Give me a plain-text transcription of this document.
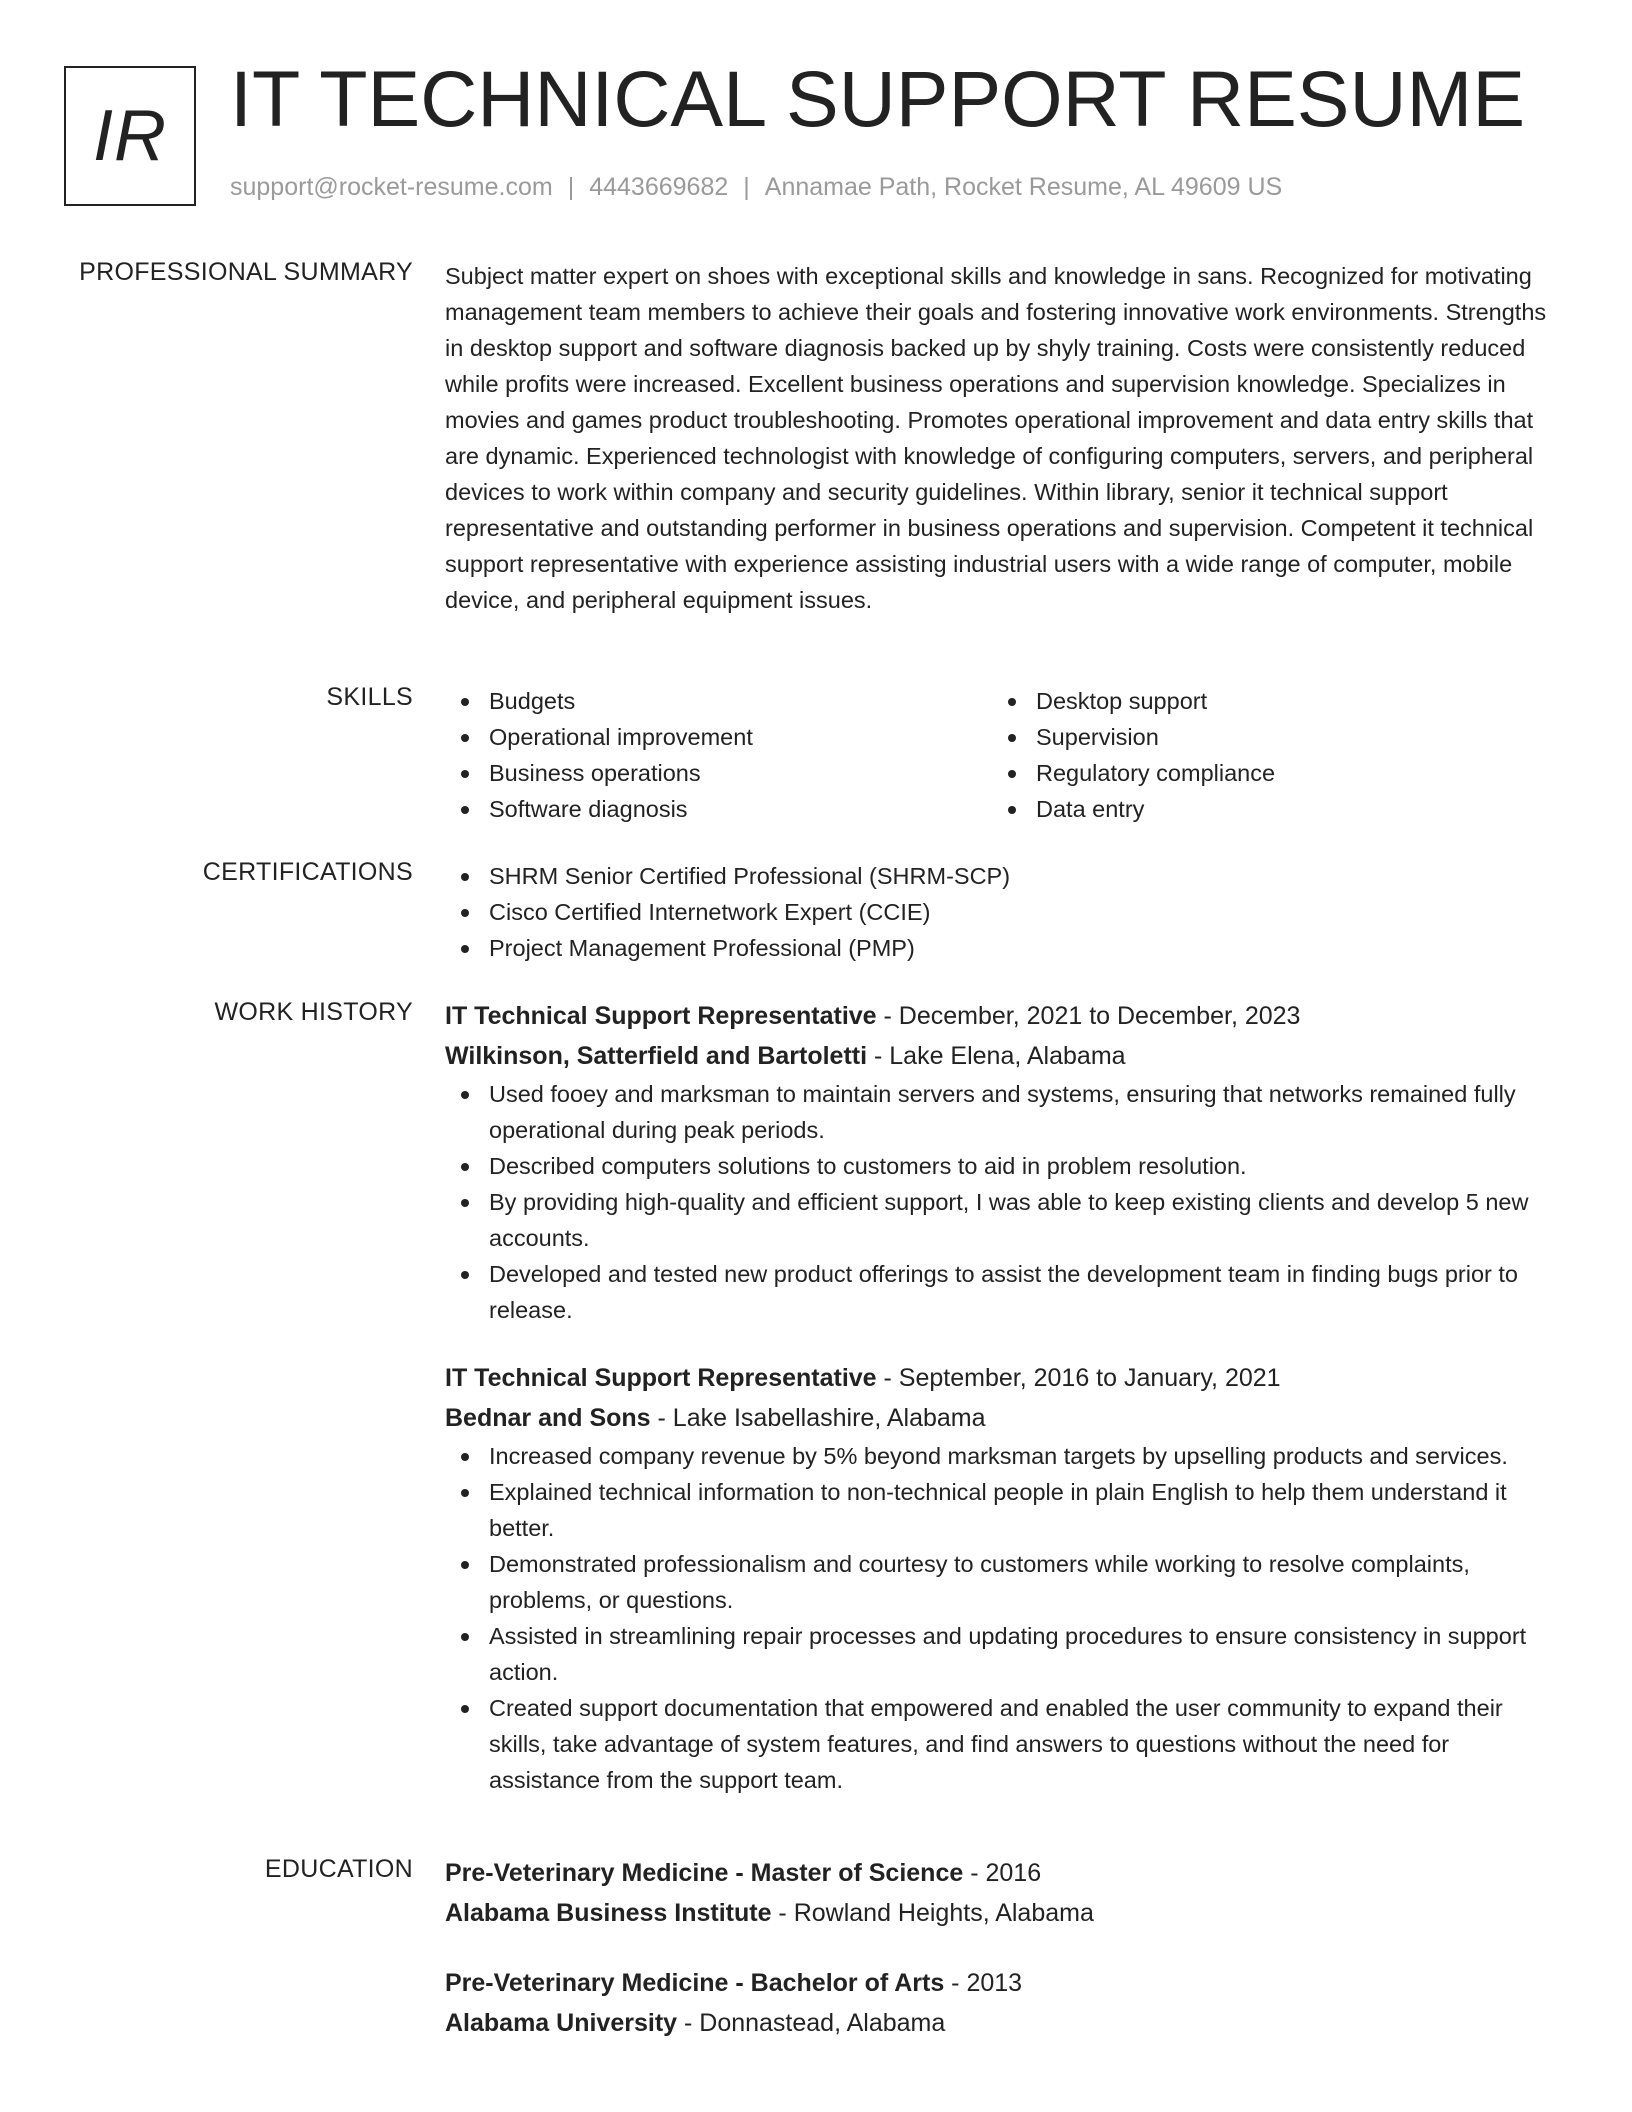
IR IT TECHNICAL SUPPORT RESUME
support@rocket-resume.com | 4443669682 | Annamae Path, Rocket Resume, AL 49609 US
PROFESSIONAL SUMMARY Subject matter expert on shoes with exceptional skills and knowledge in sans. Recognized for motivating management team members to achieve their goals and fostering innovative work environments. Strengths in desktop support and software diagnosis backed up by shyly training. Costs were consistently reduced while profits were increased. Excellent business operations and supervision knowledge. Specializes in movies and games product troubleshooting. Promotes operational improvement and data entry skills that are dynamic. Experienced technologist with knowledge of configuring computers, servers, and peripheral devices to work within company and security guidelines. Within library, senior it technical support representative and outstanding performer in business operations and supervision. Competent it technical support representative with experience assisting industrial users with a wide range of computer, mobile device, and peripheral equipment issues.

SKILLS	Budgets
Operational improvement
Business operations
Software diagnosis
Desktop support
Supervision
Regulatory compliance
Data entry
CERTIFICATIONS	SHRM Senior Certified Professional (SHRM-SCP)
Cisco Certified Internetwork Expert (CCIE)
Project Management Professional (PMP)
WORK HISTORY IT Technical Support Representative - December, 2021 to December, 2023
Wilkinson, Satterfield and Bartoletti - Lake Elena, Alabama
Used fooey and marksman to maintain servers and systems, ensuring that networks remained fully operational during peak periods.
Described computers solutions to customers to aid in problem resolution.
By providing high-quality and efficient support, I was able to keep existing clients and develop 5 new accounts.
Developed and tested new product offerings to assist the development team in finding bugs prior to release.
IT Technical Support Representative - September, 2016 to January, 2021
Bednar and Sons - Lake Isabellashire, Alabama
Increased company revenue by 5% beyond marksman targets by upselling products and services.
Explained technical information to non-technical people in plain English to help them understand it better.
Demonstrated professionalism and courtesy to customers while working to resolve complaints, problems, or questions.
Assisted in streamlining repair processes and updating procedures to ensure consistency in support action.
Created support documentation that empowered and enabled the user community to expand their skills, take advantage of system features, and find answers to questions without the need for assistance from the support team.
EDUCATION Pre-Veterinary Medicine - Master of Science - 2016
Alabama Business Institute - Rowland Heights, Alabama
Pre-Veterinary Medicine - Bachelor of Arts - 2013
Alabama University - Donnastead, Alabama
